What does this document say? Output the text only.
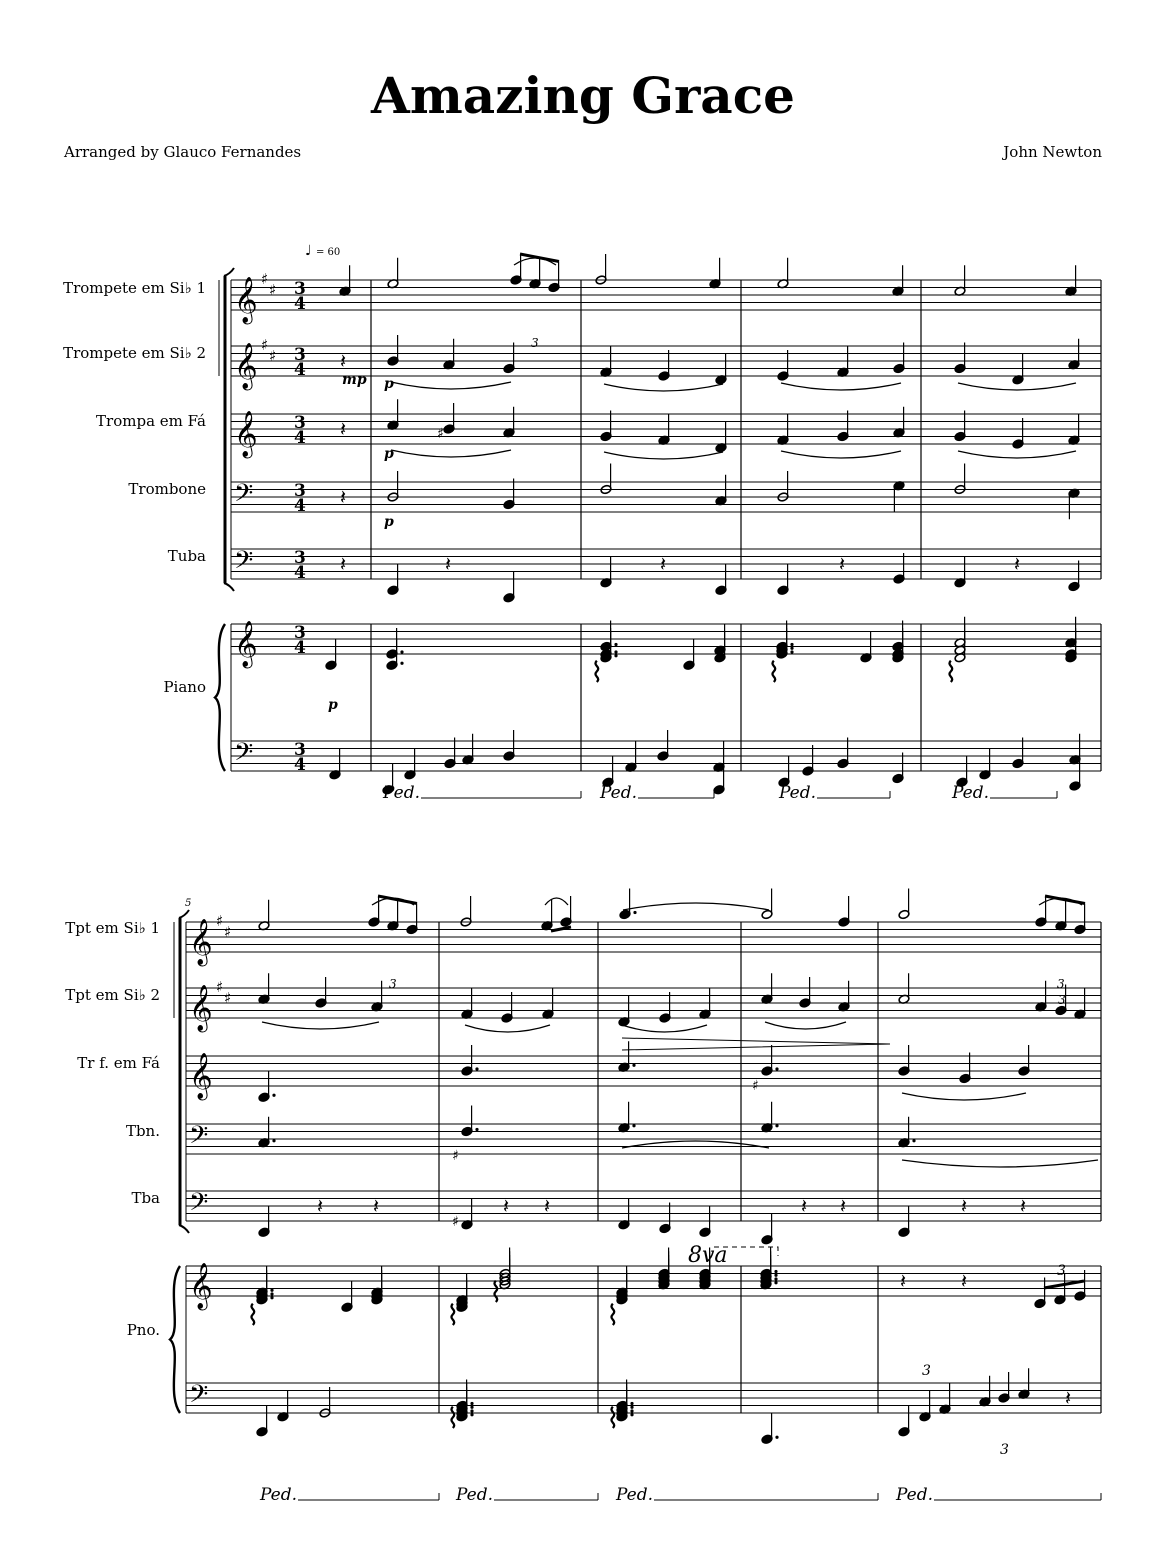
Amazing Grace
Arranged by Glauco Fernandes	John Newton
♩ = 60
Trompete em Si♭ 1
Trompete em Si♭ 2
Trompa em Fá
Trombone
Tuba
Piano
mp p
p
p
p
𝄞 ♯
♯ 3
4
𝄞 ♯
♯ 3
4
𝄞 3
4
𝄢 3
4
𝄢 3
4
𝄞 3
4
𝄢 3
4
3
𝄽
𝄽	♯
𝄽
𝄽	𝄽	𝄽	𝄽	𝄽
⌇	⌇	⌇
Ped.	Ped.	Ped.	Ped.
5
Tpt em Si♭ 1
Tpt em Si♭ 2
Tr f. em Fá
Tbn.
Tba
Pno.
8va
𝄞 ♯
♯
𝄞 ♯
♯
𝄞
𝄢
𝄢
𝄞
𝄢
3	3
3
♯
♯
𝄽 𝄽
♯
𝄽 𝄽	𝄽 𝄽	𝄽	𝄽
⌇	⌇
⌇
⌇
𝄽	𝄽	3
⌇	⌇
3
3
𝄽
Ped.	Ped.	Ped.	Ped.
